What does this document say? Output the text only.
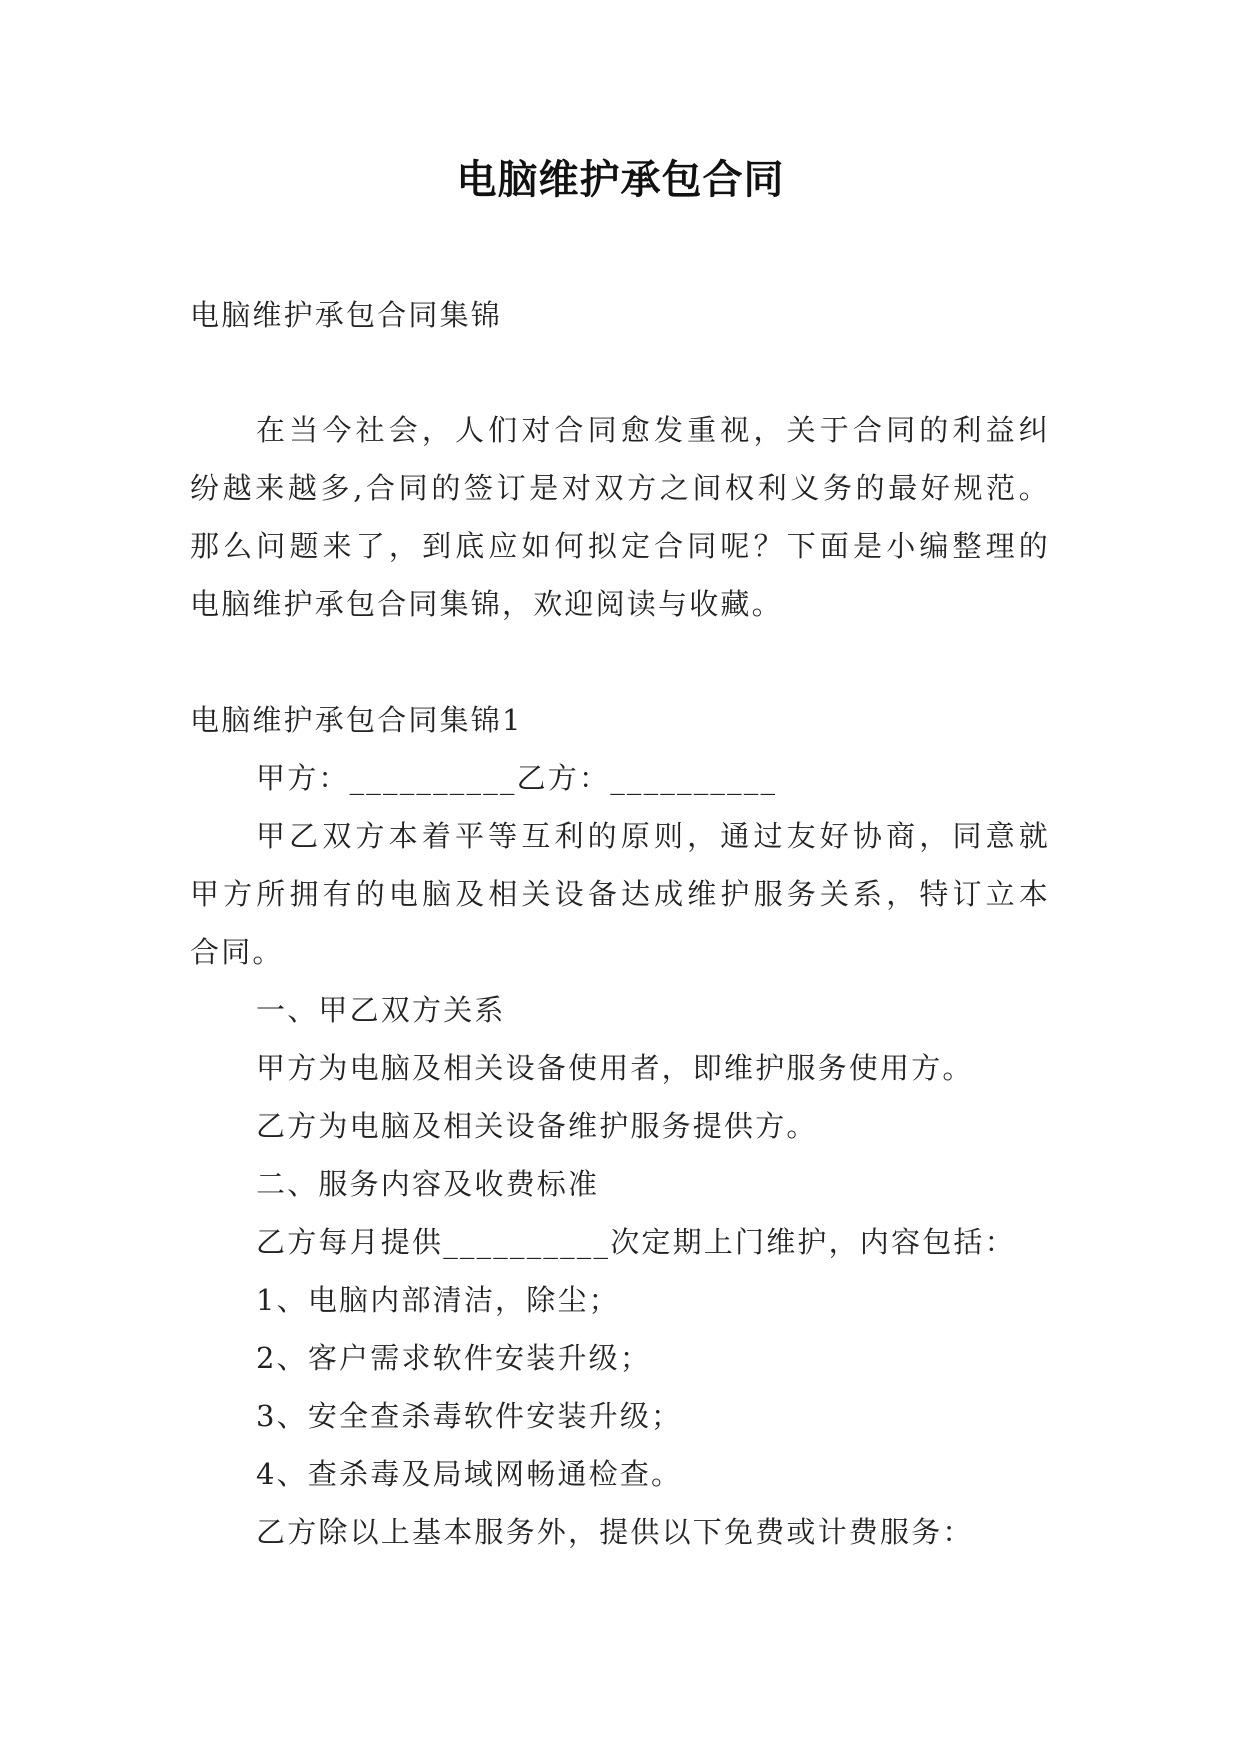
电脑维护承包合同
电脑维护承包合同集锦
在当今社会，人们对合同愈发重视，关于合同的利益纠
纷越来越多,合同的签订是对双方之间权利义务的最好规范。
那么问题来了，到底应如何拟定合同呢？下面是小编整理的
电脑维护承包合同集锦，欢迎阅读与收藏。
电脑维护承包合同集锦1
甲方：__________乙方：__________
甲乙双方本着平等互利的原则，通过友好协商，同意就
甲方所拥有的电脑及相关设备达成维护服务关系，特订立本
合同。
一、甲乙双方关系
甲方为电脑及相关设备使用者，即维护服务使用方。
乙方为电脑及相关设备维护服务提供方。
二、服务内容及收费标准
乙方每月提供__________次定期上门维护，内容包括：
1、电脑内部清洁，除尘；
2、客户需求软件安装升级；
3、安全查杀毒软件安装升级；
4、查杀毒及局域网畅通检查。
乙方除以上基本服务外，提供以下免费或计费服务：
